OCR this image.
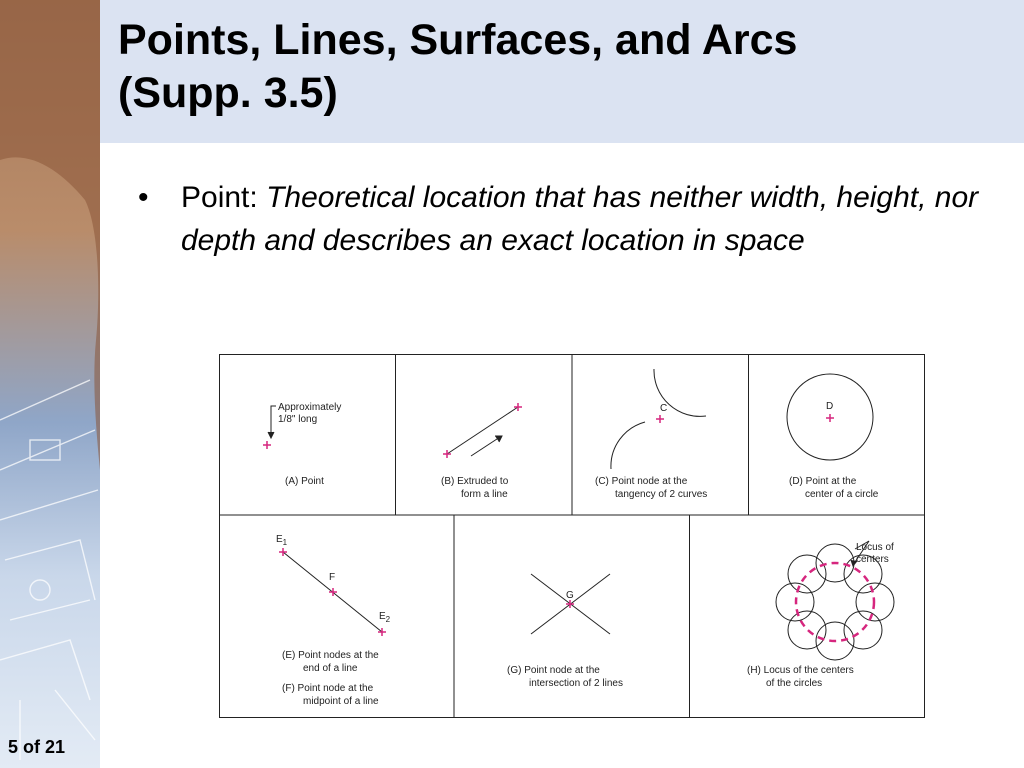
Points, Lines, Surfaces, and Arcs
(Supp. 3.5)
• Point: Theoretical location that has neither width, height, nor depth and describes an exact location in space
Approximately
1/8" long
(A) Point	(B) Extruded to
form a line
C
(C) Point node at the
tangency of 2 curves
D
(D) Point at the
center of a circle
$E_1$
F
$E_2$
(E) Point nodes at the
end of a line
(F) Point node at the
midpoint of a line
G
(G) Point node at the
intersection of 2 lines
Locus of
centers
(H) Locus of the centers
of the circles
5 of 21
